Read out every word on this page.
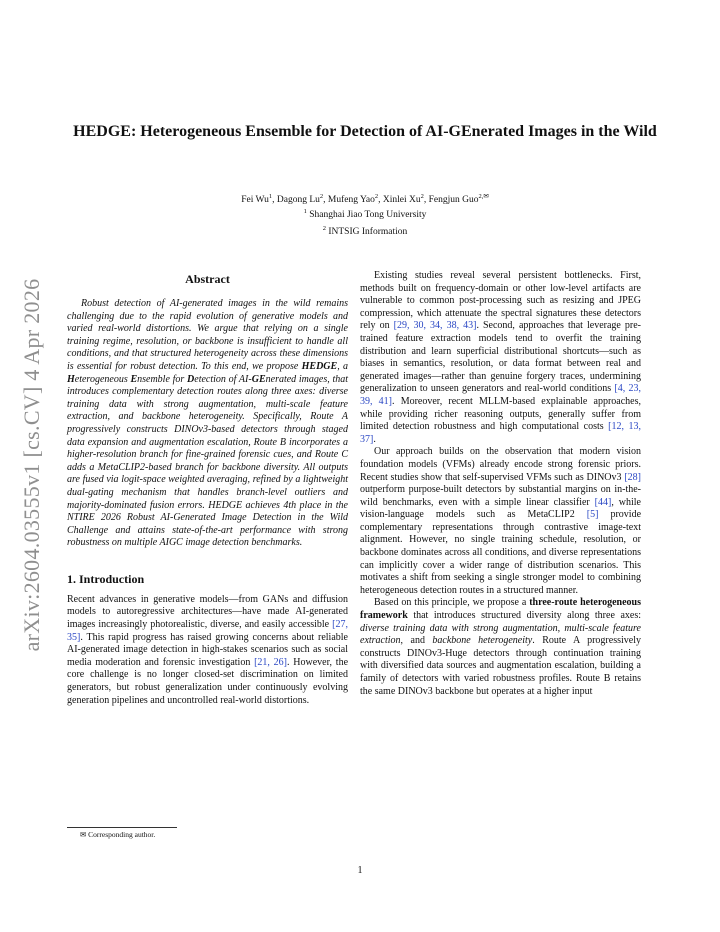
arXiv:2604.03555v1 [cs.CV] 4 Apr 2026
HEDGE: Heterogeneous Ensemble for Detection of AI-GEnerated Images in the Wild
Fei Wu$^1$, Dagong Lu$^2$, Mufeng Yao$^2$, Xinlei Xu$^2$, Fengjun Guo$^{2,✉}$
$^1$ Shanghai Jiao Tong University
$^2$ INTSIG Information
Abstract

Robust detection of AI-generated images in the wild remains challenging due to the rapid evolution of generative models and varied real-world distortions. We argue that relying on a single training regime, resolution, or backbone is insufficient to handle all conditions, and that structured heterogeneity across these dimensions is essential for robust detection. To this end, we propose HEDGE, a Heterogeneous Ensemble for Detection of AI-GEnerated images, that introduces complementary detection routes along three axes: diverse training data with strong augmentation, multi-scale feature extraction, and backbone heterogeneity. Specifically, Route A progressively constructs DINOv3-based detectors through staged data expansion and augmentation escalation, Route B incorporates a higher-resolution branch for fine-grained forensic cues, and Route C adds a MetaCLIP2-based branch for backbone diversity. All outputs are fused via logit-space weighted averaging, refined by a lightweight dual-gating mechanism that handles branch-level outliers and majority-dominated fusion errors. HEDGE achieves 4th place in the NTIRE 2026 Robust AI-Generated Image Detection in the Wild Challenge and attains state-of-the-art performance with strong robustness on multiple AIGC image detection benchmarks.

1. Introduction

Recent advances in generative models—from GANs and diffusion models to autoregressive architectures—have made AI-generated images increasingly photorealistic, diverse, and easily accessible [27, 35]. This rapid progress has raised growing concerns about reliable AI-generated image detection in high-stakes scenarios such as social media moderation and forensic investigation [21, 26]. However, the core challenge is no longer closed-set discrimination on limited generators, but robust generalization under continuously evolving generation pipelines and uncontrolled real-world distortions.

Existing studies reveal several persistent bottlenecks. First, methods built on frequency-domain or other low-level artifacts are vulnerable to common post-processing such as resizing and JPEG compression, which attenuate the spectral signatures these detectors rely on [29, 30, 34, 38, 43]. Second, approaches that leverage pre-trained feature extraction models tend to overfit the training distribution and learn superficial distributional shortcuts—such as biases in semantics, resolution, or data format between real and generated images—rather than genuine forgery traces, undermining generalization to unseen generators and real-world conditions [4, 23, 39, 41]. Moreover, recent MLLM-based explainable approaches, while providing richer reasoning outputs, generally suffer from limited detection robustness and high computational costs [12, 13, 37].

Our approach builds on the observation that modern vision foundation models (VFMs) already encode strong forensic priors. Recent studies show that self-supervised VFMs such as DINOv3 [28] outperform purpose-built detectors by substantial margins on in-the-wild benchmarks, even with a simple linear classifier [44], while vision-language models such as MetaCLIP2 [5] provide complementary representations through contrastive image-text alignment. However, no single training schedule, resolution, or backbone dominates across all conditions, and diverse representations can implicitly cover a wider range of distribution scenarios. This motivates a shift from seeking a single stronger model to combining heterogeneous detection routes in a structured manner.

Based on this principle, we propose a three-route heterogeneous framework that introduces structured diversity along three axes: diverse training data with strong augmentation, multi-scale feature extraction, and backbone heterogeneity. Route A progressively constructs DINOv3-Huge detectors through continuation training with diversified data sources and augmentation escalation, building a family of detectors with varied robustness profiles. Route B retains the same DINOv3 backbone but operates at a higher input

✉ Corresponding author.
1
